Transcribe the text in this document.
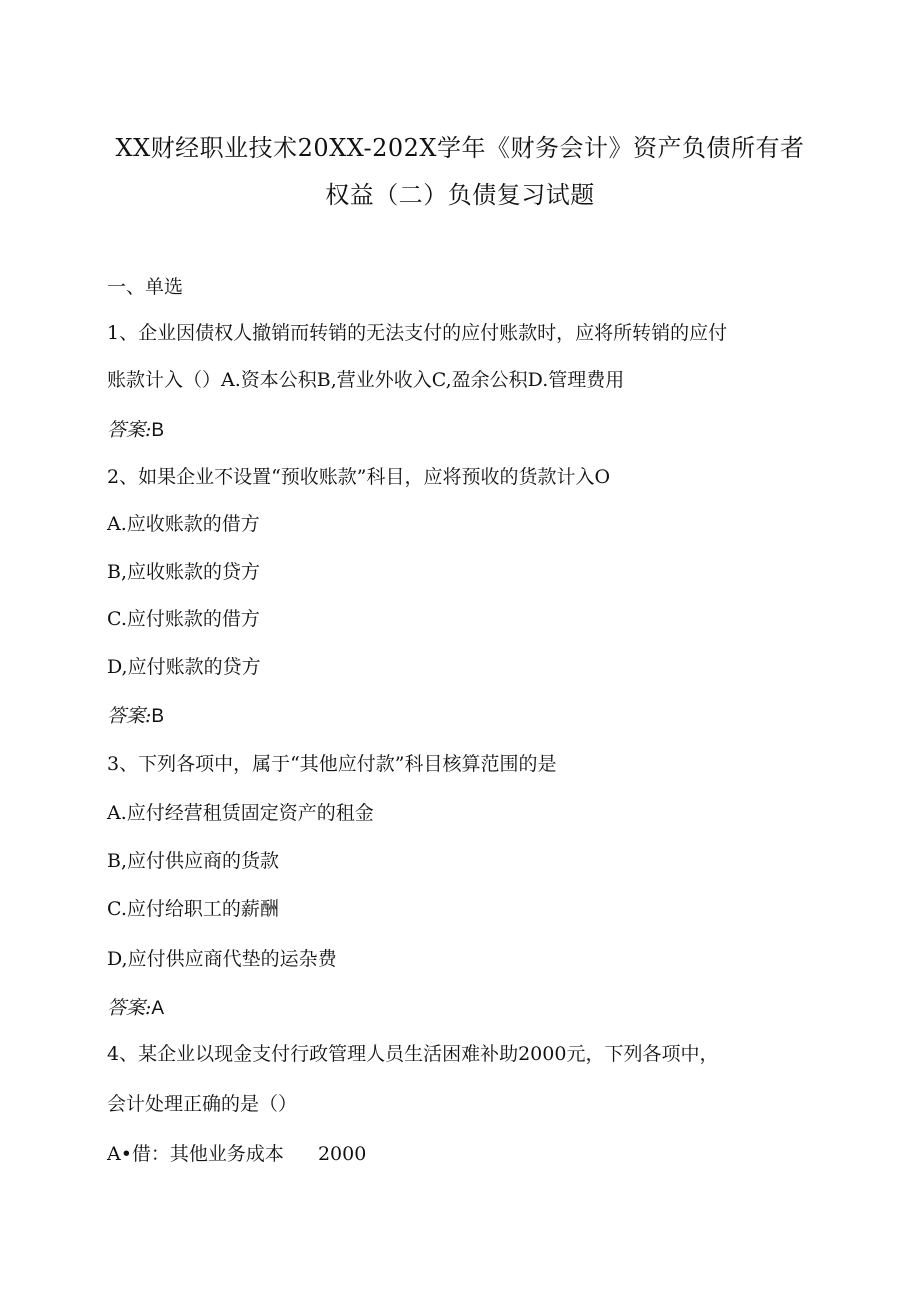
XX财经职业技术20XX-202X学年《财务会计》资产负债所有者
权益（二）负债复习试题
一、单选
1、企业因债权人撤销而转销的无法支付的应付账款时，应将所转销的应付
账款计入（）A.资本公积B,营业外收入C,盈余公积D.管理费用
答案:B
2、如果企业不设置“预收账款”科目，应将预收的货款计入O
A.应收账款的借方
B,应收账款的贷方
C.应付账款的借方
D,应付账款的贷方
答案:B
3、下列各项中，属于“其他应付款”科目核算范围的是
A.应付经营租赁固定资产的租金
B,应付供应商的货款
C.应付给职工的薪酬
D,应付供应商代垫的运杂费
答案:A
4、某企业以现金支付行政管理人员生活困难补助2000元，下列各项中，
会计处理正确的是（）
A•借：其他业务成本 2000
